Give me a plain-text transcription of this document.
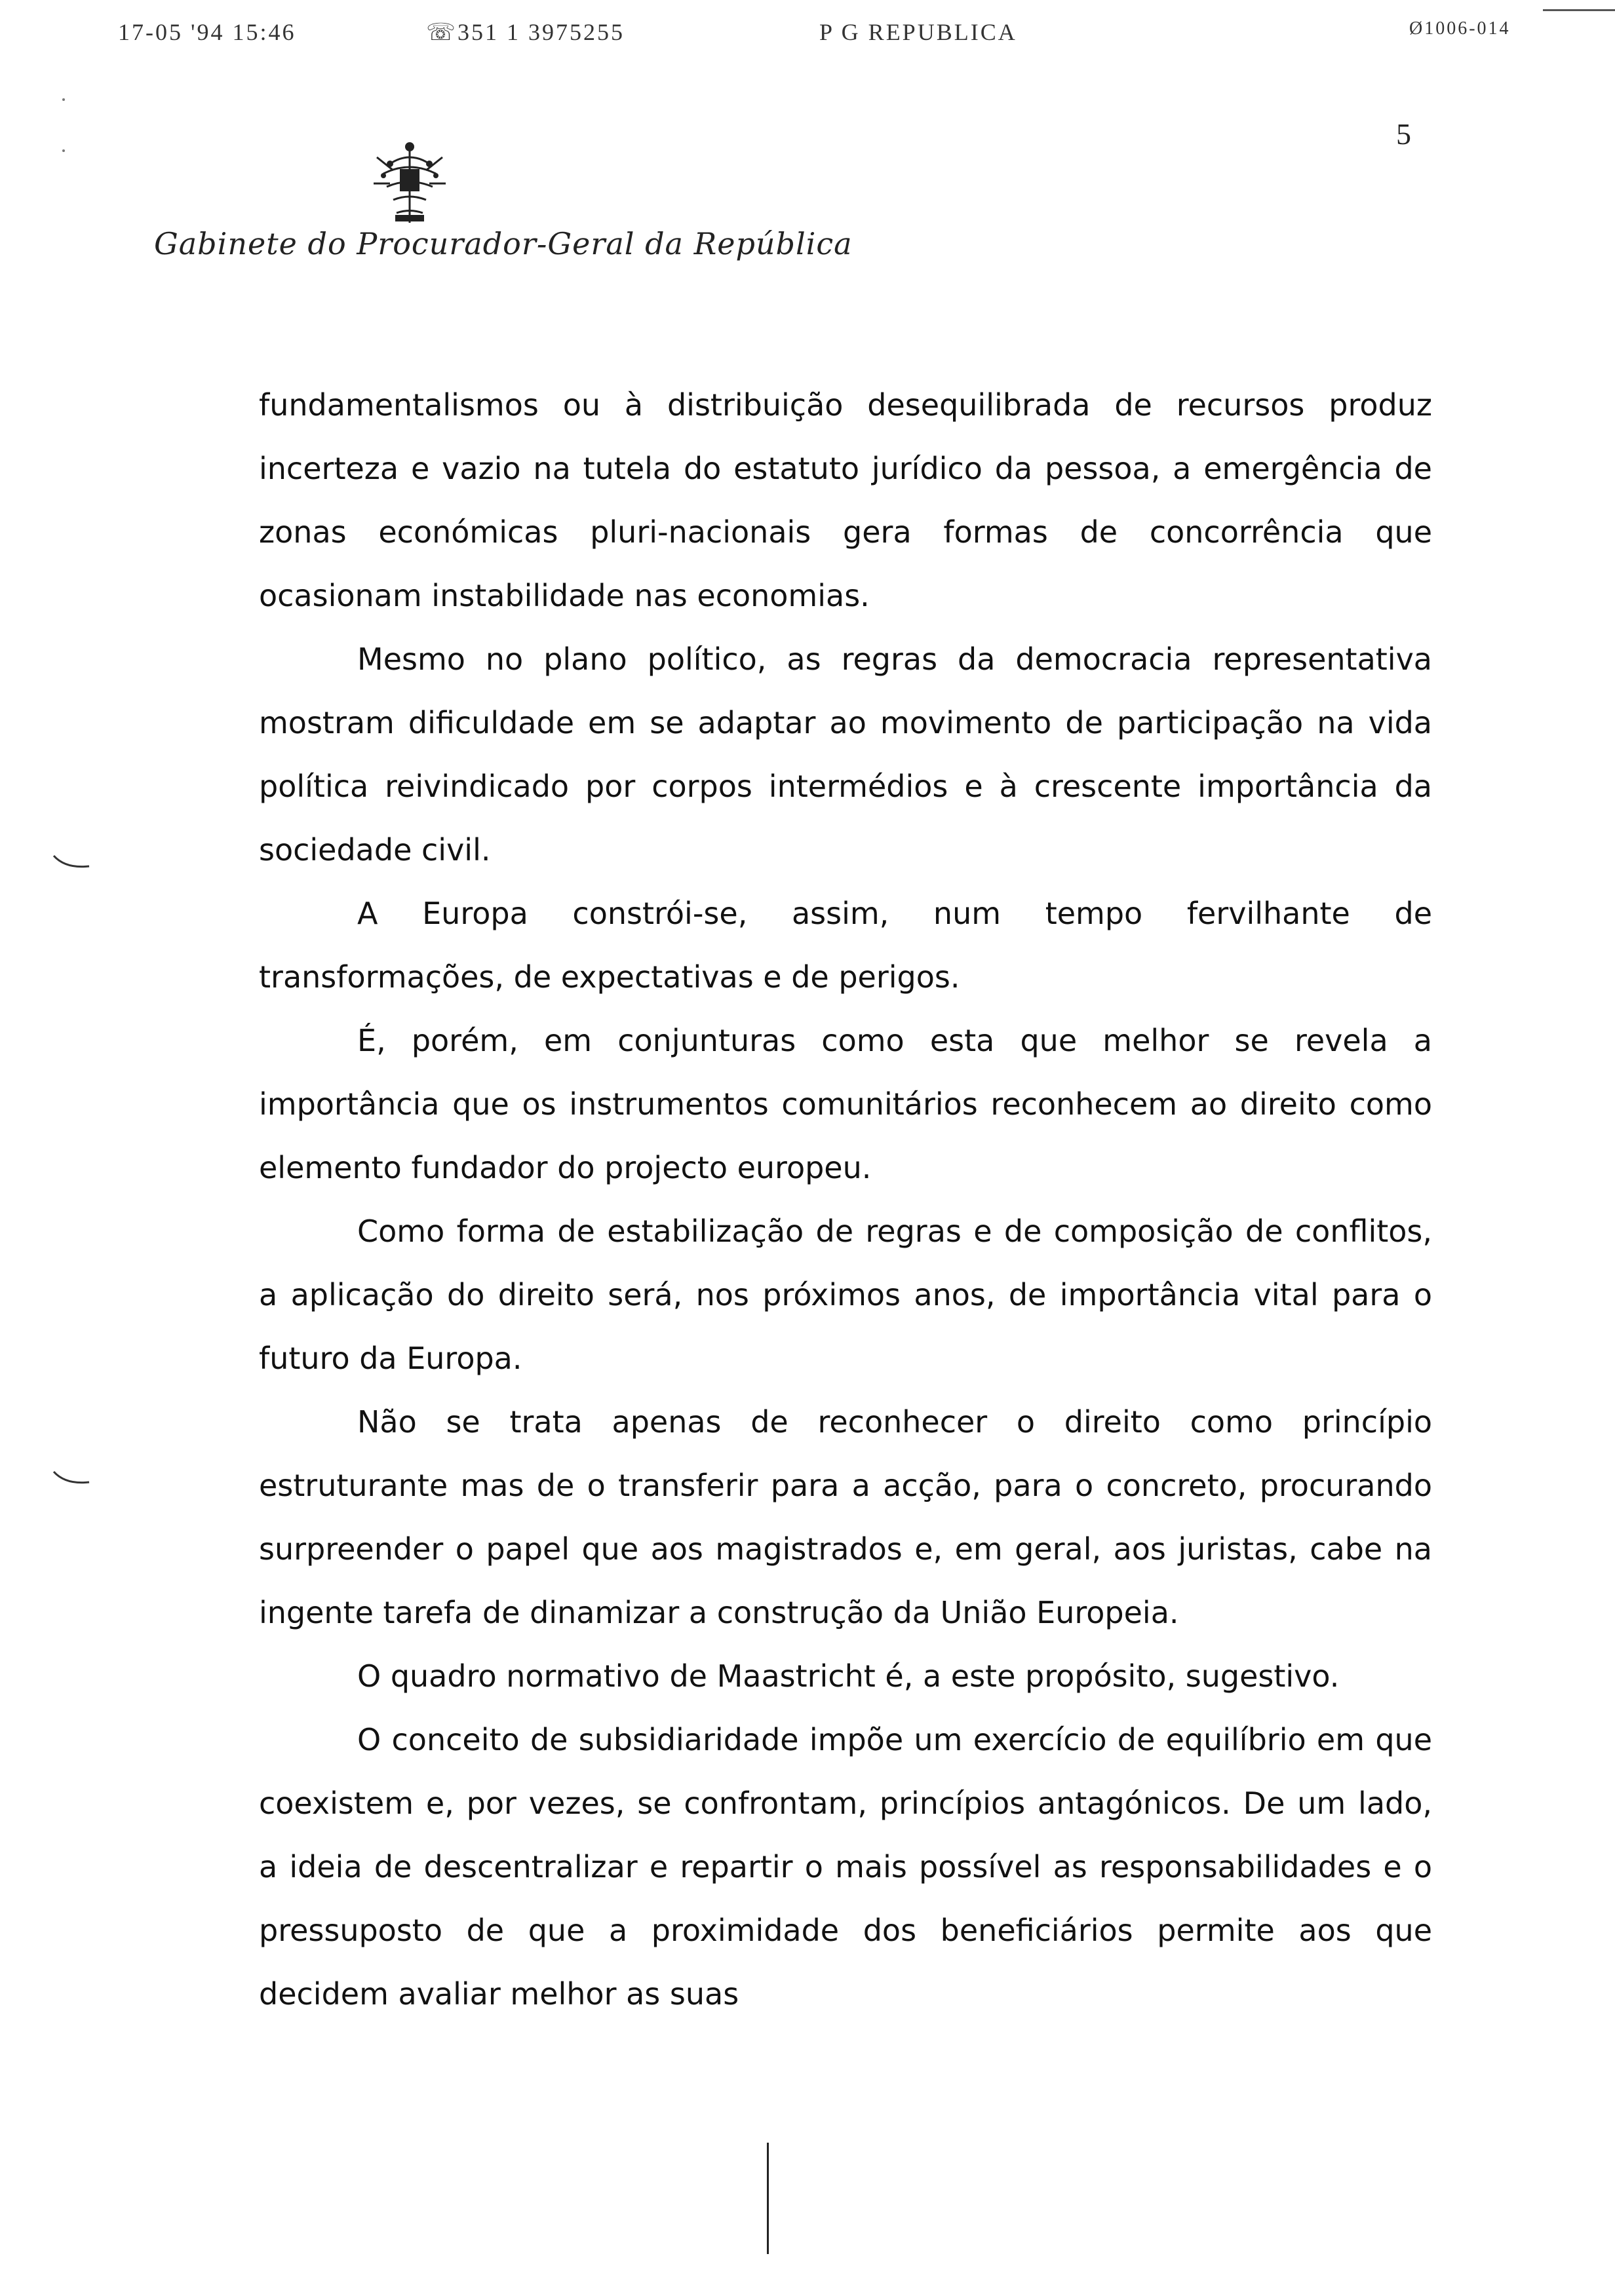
17-05 '94 15:46	☏351 1 3975255	P G REPUBLICA	Ø1006-014
5
Gabinete do Procurador-Geral da República

fundamentalismos ou à distribuição desequilibrada de recursos produz incerteza e vazio na tutela do estatuto jurídico da pessoa, a emergência de zonas económicas pluri-nacionais gera formas de concorrência que ocasionam instabilidade nas economias.

Mesmo no plano político, as regras da democracia representativa mostram dificuldade em se adaptar ao movimento de participação na vida política reivindicado por corpos intermédios e à crescente importância da sociedade civil.

A Europa constrói-se, assim, num tempo fervilhante de transformações, de expectativas e de perigos.

É, porém, em conjunturas como esta que melhor se revela a importância que os instrumentos comunitários reconhecem ao direito como elemento fundador do projecto europeu.

Como forma de estabilização de regras e de composição de conflitos, a aplicação do direito será, nos próximos anos, de importância vital para o futuro da Europa.

Não se trata apenas de reconhecer o direito como princípio estruturante mas de o transferir para a acção, para o concreto, procurando surpreender o papel que aos magistrados e, em geral, aos juristas, cabe na ingente tarefa de dinamizar a construção da União Europeia.

O quadro normativo de Maastricht é, a este propósito, sugestivo.

O conceito de subsidiaridade impõe um exercício de equilíbrio em que coexistem e, por vezes, se confrontam, princípios antagónicos. De um lado, a ideia de descentralizar e repartir o mais possível as responsabilidades e o pressuposto de que a proximidade dos beneficiários permite aos que decidem avaliar melhor as suas
